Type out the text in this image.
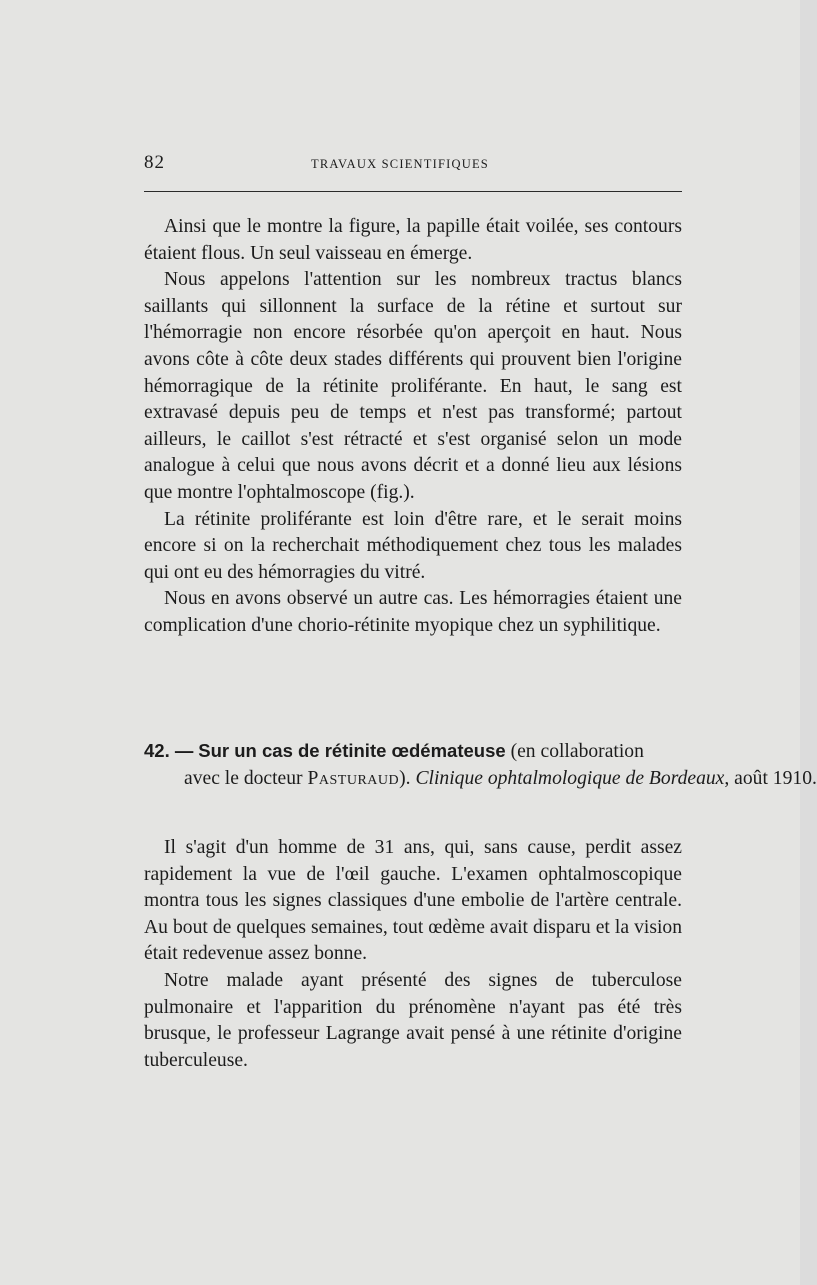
82	TRAVAUX SCIENTIFIQUES

Ainsi que le montre la figure, la papille était voilée, ses contours étaient flous. Un seul vaisseau en émerge.

Nous appelons l'attention sur les nombreux tractus blancs saillants qui sillonnent la surface de la rétine et surtout sur l'hémorragie non encore résorbée qu'on aperçoit en haut. Nous avons côte à côte deux stades différents qui prouvent bien l'origine hémorragique de la rétinite proliférante. En haut, le sang est extravasé depuis peu de temps et n'est pas transformé; partout ailleurs, le caillot s'est rétracté et s'est organisé selon un mode analogue à celui que nous avons décrit et a donné lieu aux lésions que montre l'ophtalmoscope (fig.).

La rétinite proliférante est loin d'être rare, et le serait moins encore si on la recherchait méthodiquement chez tous les malades qui ont eu des hémorragies du vitré.

Nous en avons observé un autre cas. Les hémorragies étaient une complication d'une chorio-rétinite myopique chez un syphilitique.

42. — Sur un cas de rétinite œdémateuse (en collaboration
avec le docteur Pasturaud). Clinique ophtalmologique de Bordeaux, août 1910.

Il s'agit d'un homme de 31 ans, qui, sans cause, perdit assez rapidement la vue de l'œil gauche. L'examen ophtalmoscopique montra tous les signes classiques d'une embolie de l'artère centrale. Au bout de quelques semaines, tout œdème avait disparu et la vision était redevenue assez bonne.

Notre malade ayant présenté des signes de tuberculose pulmonaire et l'apparition du prénomène n'ayant pas été très brusque, le professeur Lagrange avait pensé à une rétinite d'origine tuberculeuse.
